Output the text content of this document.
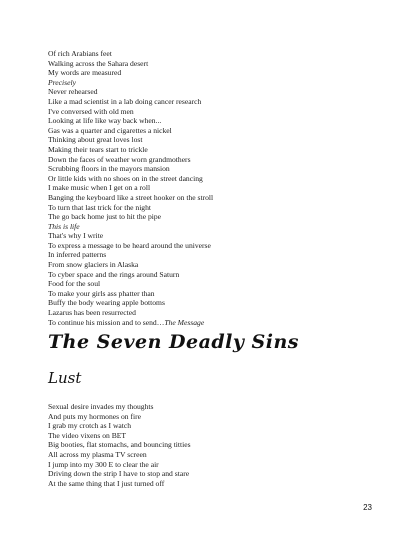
Of rich Arabians feet
Walking across the Sahara desert
My words are measured
Precisely
Never rehearsed
Like a mad scientist in a lab doing cancer research
I've conversed with old men
Looking at life like way back when...
Gas was a quarter and cigarettes a nickel
Thinking about great loves lost
Making their tears start to trickle
Down the faces of weather worn grandmothers
Scrubbing floors in the mayors mansion
Or little kids with no shoes on in the street dancing
I make music when I get on a roll
Banging the keyboard like a street hooker on the stroll
To turn that last trick for the night
The go back home just to hit the pipe
This is life
That's why I write
To express a message to be heard around the universe
In inferred patterns
From snow glaciers in Alaska
To cyber space and the rings around Saturn
Food for the soul
To make your girls ass phatter than
Buffy the body wearing apple bottoms
Lazarus has been resurrected
To continue his mission and to send…The Message
The Seven Deadly Sins
Lust
Sexual desire invades my thoughts
And puts my hormones on fire
I grab my crotch as I watch
The video vixens on BET
Big booties, flat stomachs, and bouncing titties
All across my plasma TV screen
I jump into my 300 E to clear the air
Driving down the strip I have to stop and stare
At the same thing that I just turned off
23
